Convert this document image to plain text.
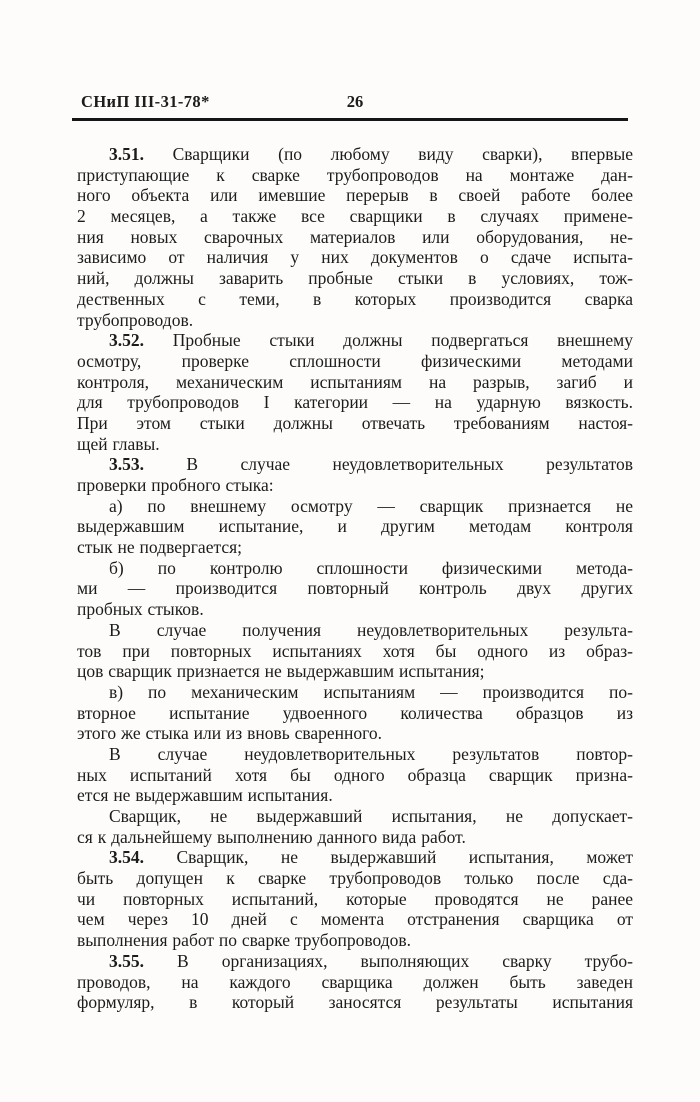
СНиП III-31-78*	26
3.51. Сварщики (по любому виду сварки), впервые
приступающие к сварке трубопроводов на монтаже дан-
ного объекта или имевшие перерыв в своей работе более
2 месяцев, а также все сварщики в случаях примене-
ния новых сварочных материалов или оборудования, не-
зависимо от наличия у них документов о сдаче испыта-
ний, должны заварить пробные стыки в условиях, тож-
дественных с теми, в которых производится сварка
трубопроводов.
3.52. Пробные стыки должны подвергаться внешнему
осмотру, проверке сплошности физическими методами
контроля, механическим испытаниям на разрыв, загиб и
для трубопроводов I категории — на ударную вязкость.
При этом стыки должны отвечать требованиям настоя-
щей главы.
3.53. В случае неудовлетворительных результатов
проверки пробного стыка:
а) по внешнему осмотру — сварщик признается не
выдержавшим испытание, и другим методам контроля
стык не подвергается;
б) по контролю сплошности физическими метода-
ми — производится повторный контроль двух других
пробных стыков.
В случае получения неудовлетворительных результа-
тов при повторных испытаниях хотя бы одного из образ-
цов сварщик признается не выдержавшим испытания;
в) по механическим испытаниям — производится по-
вторное испытание удвоенного количества образцов из
этого же стыка или из вновь сваренного.
В случае неудовлетворительных результатов повтор-
ных испытаний хотя бы одного образца сварщик призна-
ется не выдержавшим испытания.
Сварщик, не выдержавший испытания, не допускает-
ся к дальнейшему выполнению данного вида работ.
3.54. Сварщик, не выдержавший испытания, может
быть допущен к сварке трубопроводов только после сда-
чи повторных испытаний, которые проводятся не ранее
чем через 10 дней с момента отстранения сварщика от
выполнения работ по сварке трубопроводов.
3.55. В организациях, выполняющих сварку трубо-
проводов, на каждого сварщика должен быть заведен
формуляр, в который заносятся результаты испытания
